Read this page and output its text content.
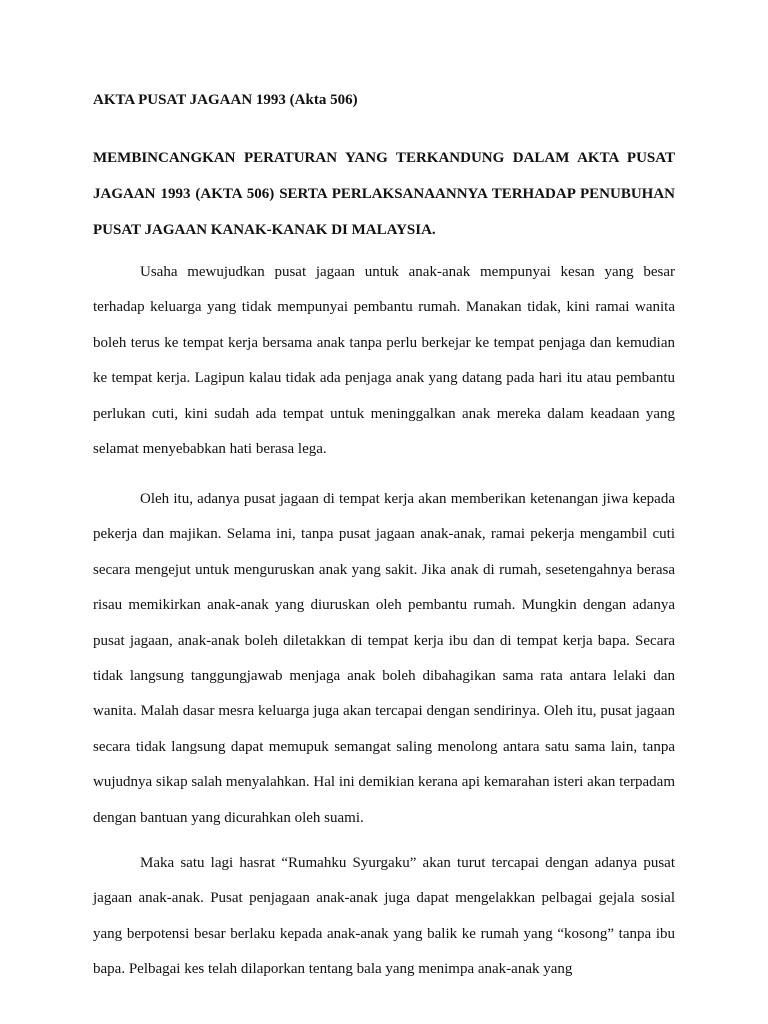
AKTA PUSAT JAGAAN 1993 (Akta 506)

MEMBINCANGKAN PERATURAN YANG TERKANDUNG DALAM AKTA PUSAT JAGAAN 1993 (AKTA 506) SERTA PERLAKSANAANNYA TERHADAP PENUBUHAN PUSAT JAGAAN KANAK-KANAK DI MALAYSIA.

Usaha mewujudkan pusat jagaan untuk anak-anak mempunyai kesan yang besar terhadap keluarga yang tidak mempunyai pembantu rumah. Manakan tidak, kini ramai wanita boleh terus ke tempat kerja bersama anak tanpa perlu berkejar ke tempat penjaga dan kemudian ke tempat kerja. Lagipun kalau tidak ada penjaga anak yang datang pada hari itu atau pembantu perlukan cuti, kini sudah ada tempat untuk meninggalkan anak mereka dalam keadaan yang selamat menyebabkan hati berasa lega.

Oleh itu, adanya pusat jagaan di tempat kerja akan memberikan ketenangan jiwa kepada pekerja dan majikan. Selama ini, tanpa pusat jagaan anak-anak, ramai pekerja mengambil cuti secara mengejut untuk menguruskan anak yang sakit. Jika anak di rumah, sesetengahnya berasa risau memikirkan anak-anak yang diuruskan oleh pembantu rumah. Mungkin dengan adanya pusat jagaan, anak-anak boleh diletakkan di tempat kerja ibu dan di tempat kerja bapa. Secara tidak langsung tanggungjawab menjaga anak boleh dibahagikan sama rata antara lelaki dan wanita. Malah dasar mesra keluarga juga akan tercapai dengan sendirinya. Oleh itu, pusat jagaan secara tidak langsung dapat memupuk semangat saling menolong antara satu sama lain, tanpa wujudnya sikap salah menyalahkan. Hal ini demikian kerana api kemarahan isteri akan terpadam dengan bantuan yang dicurahkan oleh suami.

Maka satu lagi hasrat “Rumahku Syurgaku” akan turut tercapai dengan adanya pusat jagaan anak-anak. Pusat penjagaan anak-anak juga dapat mengelakkan pelbagai gejala sosial yang berpotensi besar berlaku kepada anak-anak yang balik ke rumah yang “kosong” tanpa ibu bapa. Pelbagai kes telah dilaporkan tentang bala yang menimpa anak-anak yang
